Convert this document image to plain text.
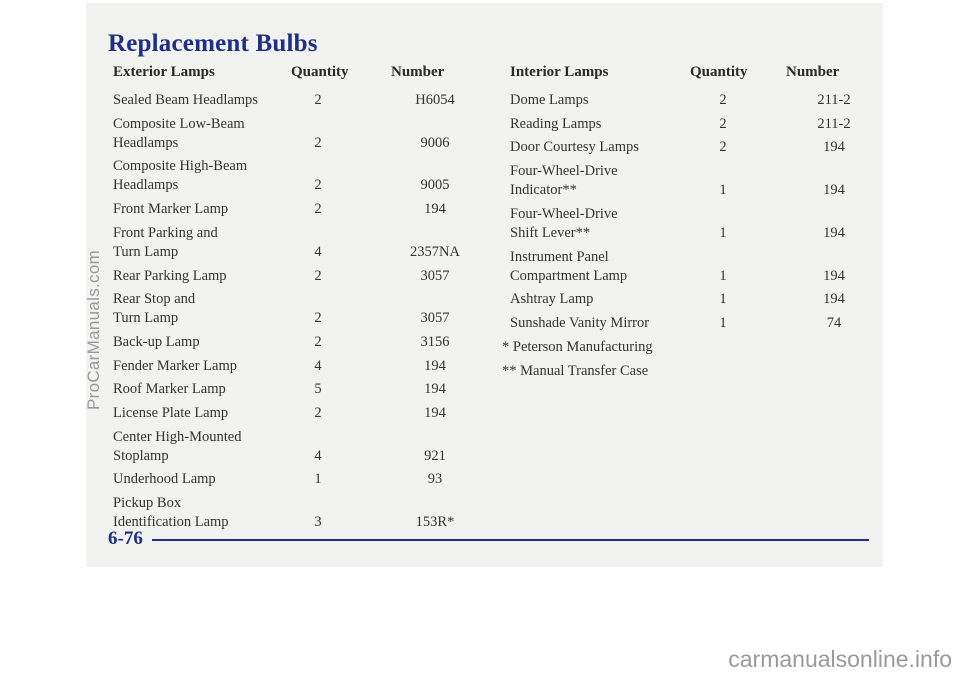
Replacement Bulbs
Exterior Lamps	Quantity	Number	Interior Lamps	Quantity	Number
Sealed Beam Headlamps	2	H6054
Composite Low-Beam
Headlamps	2	9006
Composite High-Beam
Headlamps	2	9005
Front Marker Lamp	2	194
Front Parking and
Turn Lamp	4	2357NA
Rear Parking Lamp	2	3057
Rear Stop and
Turn Lamp	2	3057
Back-up Lamp	2	3156
Fender Marker Lamp	4	194
Roof Marker Lamp	5	194
License Plate Lamp	2	194
Center High-Mounted
Stoplamp	4	921
Underhood Lamp	1	93
Pickup Box
Identification Lamp	3	153R*
Dome Lamps	2	211-2
Reading Lamps	2	211-2
Door Courtesy Lamps	2	194
Four-Wheel-Drive
Indicator**	1	194
Four-Wheel-Drive
Shift Lever**	1	194
Instrument Panel
Compartment Lamp	1	194
Ashtray Lamp	1	194
Sunshade Vanity Mirror	1	74
* Peterson Manufacturing
** Manual Transfer Case
6-76
ProCarManuals.com
carmanualsonline.info
